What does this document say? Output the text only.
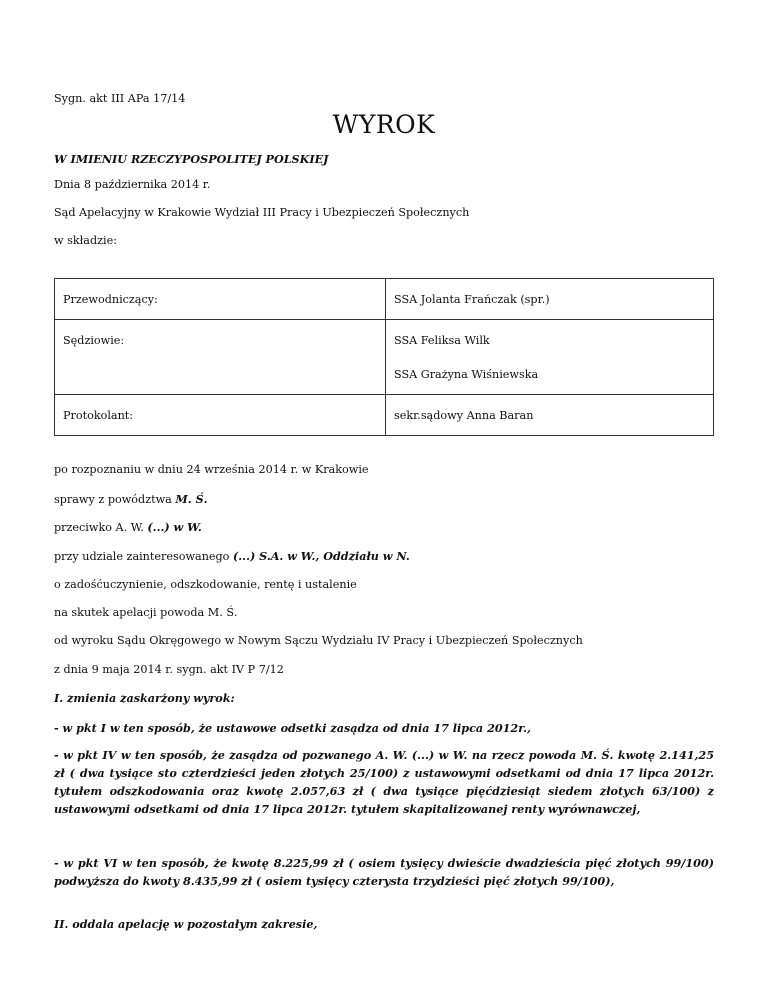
Sygn. akt III APa 17/14
WYROK
W IMIENIU RZECZYPOSPOLITEJ POLSKIEJ
Dnia 8 października 2014 r.
Sąd Apelacyjny w Krakowie Wydział III Pracy i Ubezpieczeń Społecznych
w składzie:

Przewodniczący:	SSA Jolanta Frańczak (spr.)

Sędziowie:	SSA Feliksa Wilk

SSA Grażyna Wiśniewska

Protokolant:	sekr.sądowy Anna Baran

po rozpoznaniu w dniu 24 września 2014 r. w Krakowie
sprawy z powództwa M. Ś.
przeciwko A. W. (...) w W.
przy udziale zainteresowanego (...) S.A. w W., Oddziału w N.
o zadośćuczynienie, odszkodowanie, rentę i ustalenie
na skutek apelacji powoda M. Ś.
od wyroku Sądu Okręgowego w Nowym Sączu Wydziału IV Pracy i Ubezpieczeń Społecznych
z dnia 9 maja 2014 r. sygn. akt IV P 7/12
I. zmienia zaskarżony wyrok:
- w pkt I w ten sposób, że ustawowe odsetki zasądza od dnia 17 lipca 2012r.,
- w pkt IV w ten sposób, że zasądza od pozwanego A. W. (...) w W. na rzecz powoda M. Ś. kwotę 2.141,25 zł ( dwa tysiące sto czterdzieści jeden złotych 25/100) z ustawowymi odsetkami od dnia 17 lipca 2012r. tytułem odszkodowania oraz kwotę 2.057,63 zł ( dwa tysiące pięćdziesiąt siedem złotych 63/100) z ustawowymi odsetkami od dnia 17 lipca 2012r. tytułem skapitalizowanej renty wyrównawczej,
- w pkt VI w ten sposób, że kwotę 8.225,99 zł ( osiem tysięcy dwieście dwadzieścia pięć złotych 99/100) podwyższa do kwoty 8.435,99 zł ( osiem tysięcy czterysta trzydzieści pięć złotych 99/100),
II. oddala apelację w pozostałym zakresie,
